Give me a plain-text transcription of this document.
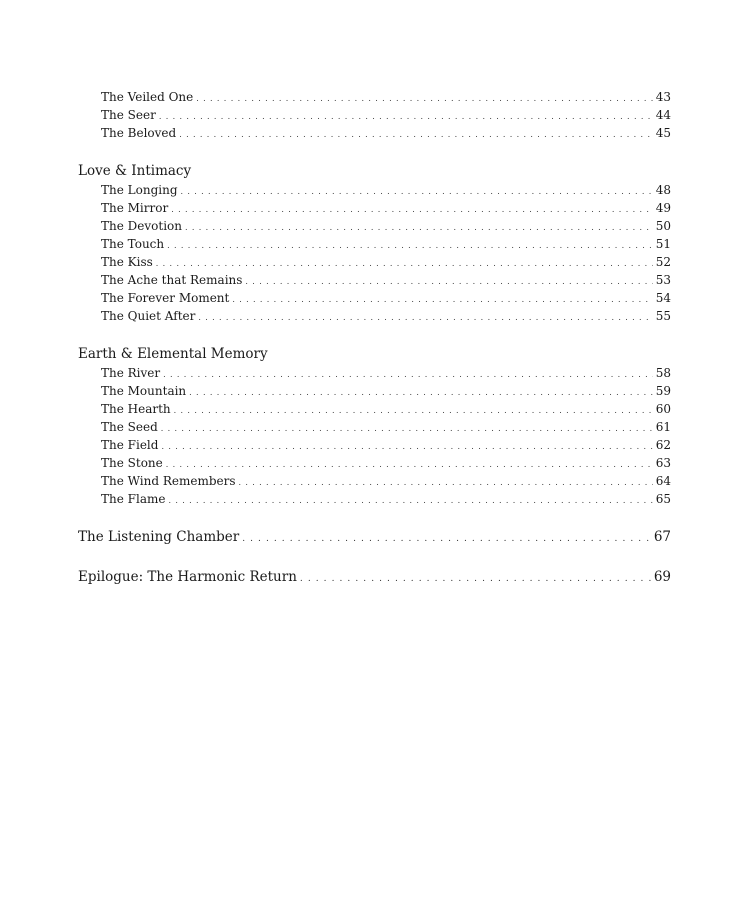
The Veiled One . . .	43
The Seer . . .	44
The Beloved . . .	45
Love & Intimacy
The Longing . . .	48
The Mirror . . .	49
The Devotion . . .	50
The Touch . . .	51
The Kiss . . .	52
The Ache that Remains . . .	53
The Forever Moment . . .	54
The Quiet After . . .	55
Earth & Elemental Memory
The River . . .	58
The Mountain . . .	59
The Hearth . . .	60
The Seed . . .	61
The Field . . .	62
The Stone . . .	63
The Wind Remembers . . .	64
The Flame . . .	65
The Listening Chamber . . .	67
Epilogue: The Harmonic Return . . .	69
